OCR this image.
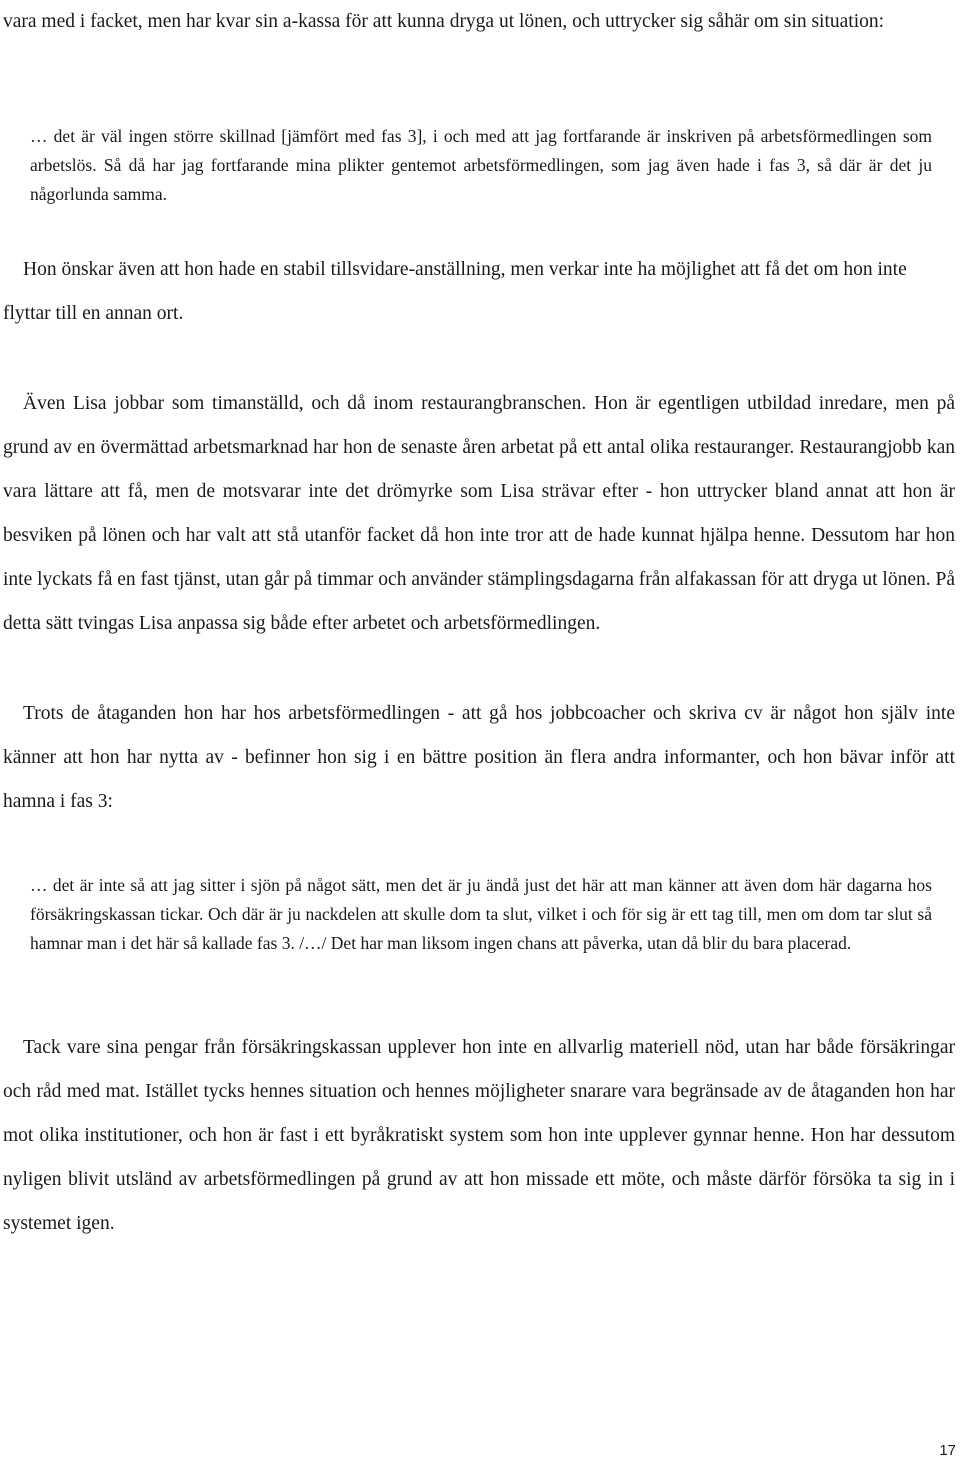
vara med i facket, men har kvar sin a-kassa för att kunna dryga ut lönen, och uttrycker sig såhär om sin situation:

… det är väl ingen större skillnad [jämfört med fas 3], i och med att jag fortfarande är inskriven på arbetsförmedlingen som arbetslös. Så då har jag fortfarande mina plikter gentemot arbetsförmedlingen, som jag även hade i fas 3, så där är det ju någorlunda samma.

Hon önskar även att hon hade en stabil tillsvidare-anställning, men verkar inte ha möjlighet att få det om hon inte flyttar till en annan ort.

Även Lisa jobbar som timanställd, och då inom restaurangbranschen. Hon är egentligen utbildad inredare, men på grund av en övermättad arbetsmarknad har hon de senaste åren arbetat på ett antal olika restauranger. Restaurangjobb kan vara lättare att få, men de motsvarar inte det drömyrke som Lisa strävar efter - hon uttrycker bland annat att hon är besviken på lönen och har valt att stå utanför facket då hon inte tror att de hade kunnat hjälpa henne. Dessutom har hon inte lyckats få en fast tjänst, utan går på timmar och använder stämplingsdagarna från alfakassan för att dryga ut lönen. På detta sätt tvingas Lisa anpassa sig både efter arbetet och arbetsförmedlingen.

Trots de åtaganden hon har hos arbetsförmedlingen - att gå hos jobbcoacher och skriva cv är något hon själv inte känner att hon har nytta av - befinner hon sig i en bättre position än flera andra informanter, och hon bävar inför att hamna i fas 3:

… det är inte så att jag sitter i sjön på något sätt, men det är ju ändå just det här att man känner att även dom här dagarna hos försäkringskassan tickar. Och där är ju nackdelen att skulle dom ta slut, vilket i och för sig är ett tag till, men om dom tar slut så hamnar man i det här så kallade fas 3. /…/ Det har man liksom ingen chans att påverka, utan då blir du bara placerad.

Tack vare sina pengar från försäkringskassan upplever hon inte en allvarlig materiell nöd, utan har både försäkringar och råd med mat. Istället tycks hennes situation och hennes möjligheter snarare vara begränsade av de åtaganden hon har mot olika institutioner, och hon är fast i ett byråkratiskt system som hon inte upplever gynnar henne. Hon har dessutom nyligen blivit utsländ av arbetsförmedlingen på grund av att hon missade ett möte, och måste därför försöka ta sig in i systemet igen.

17
